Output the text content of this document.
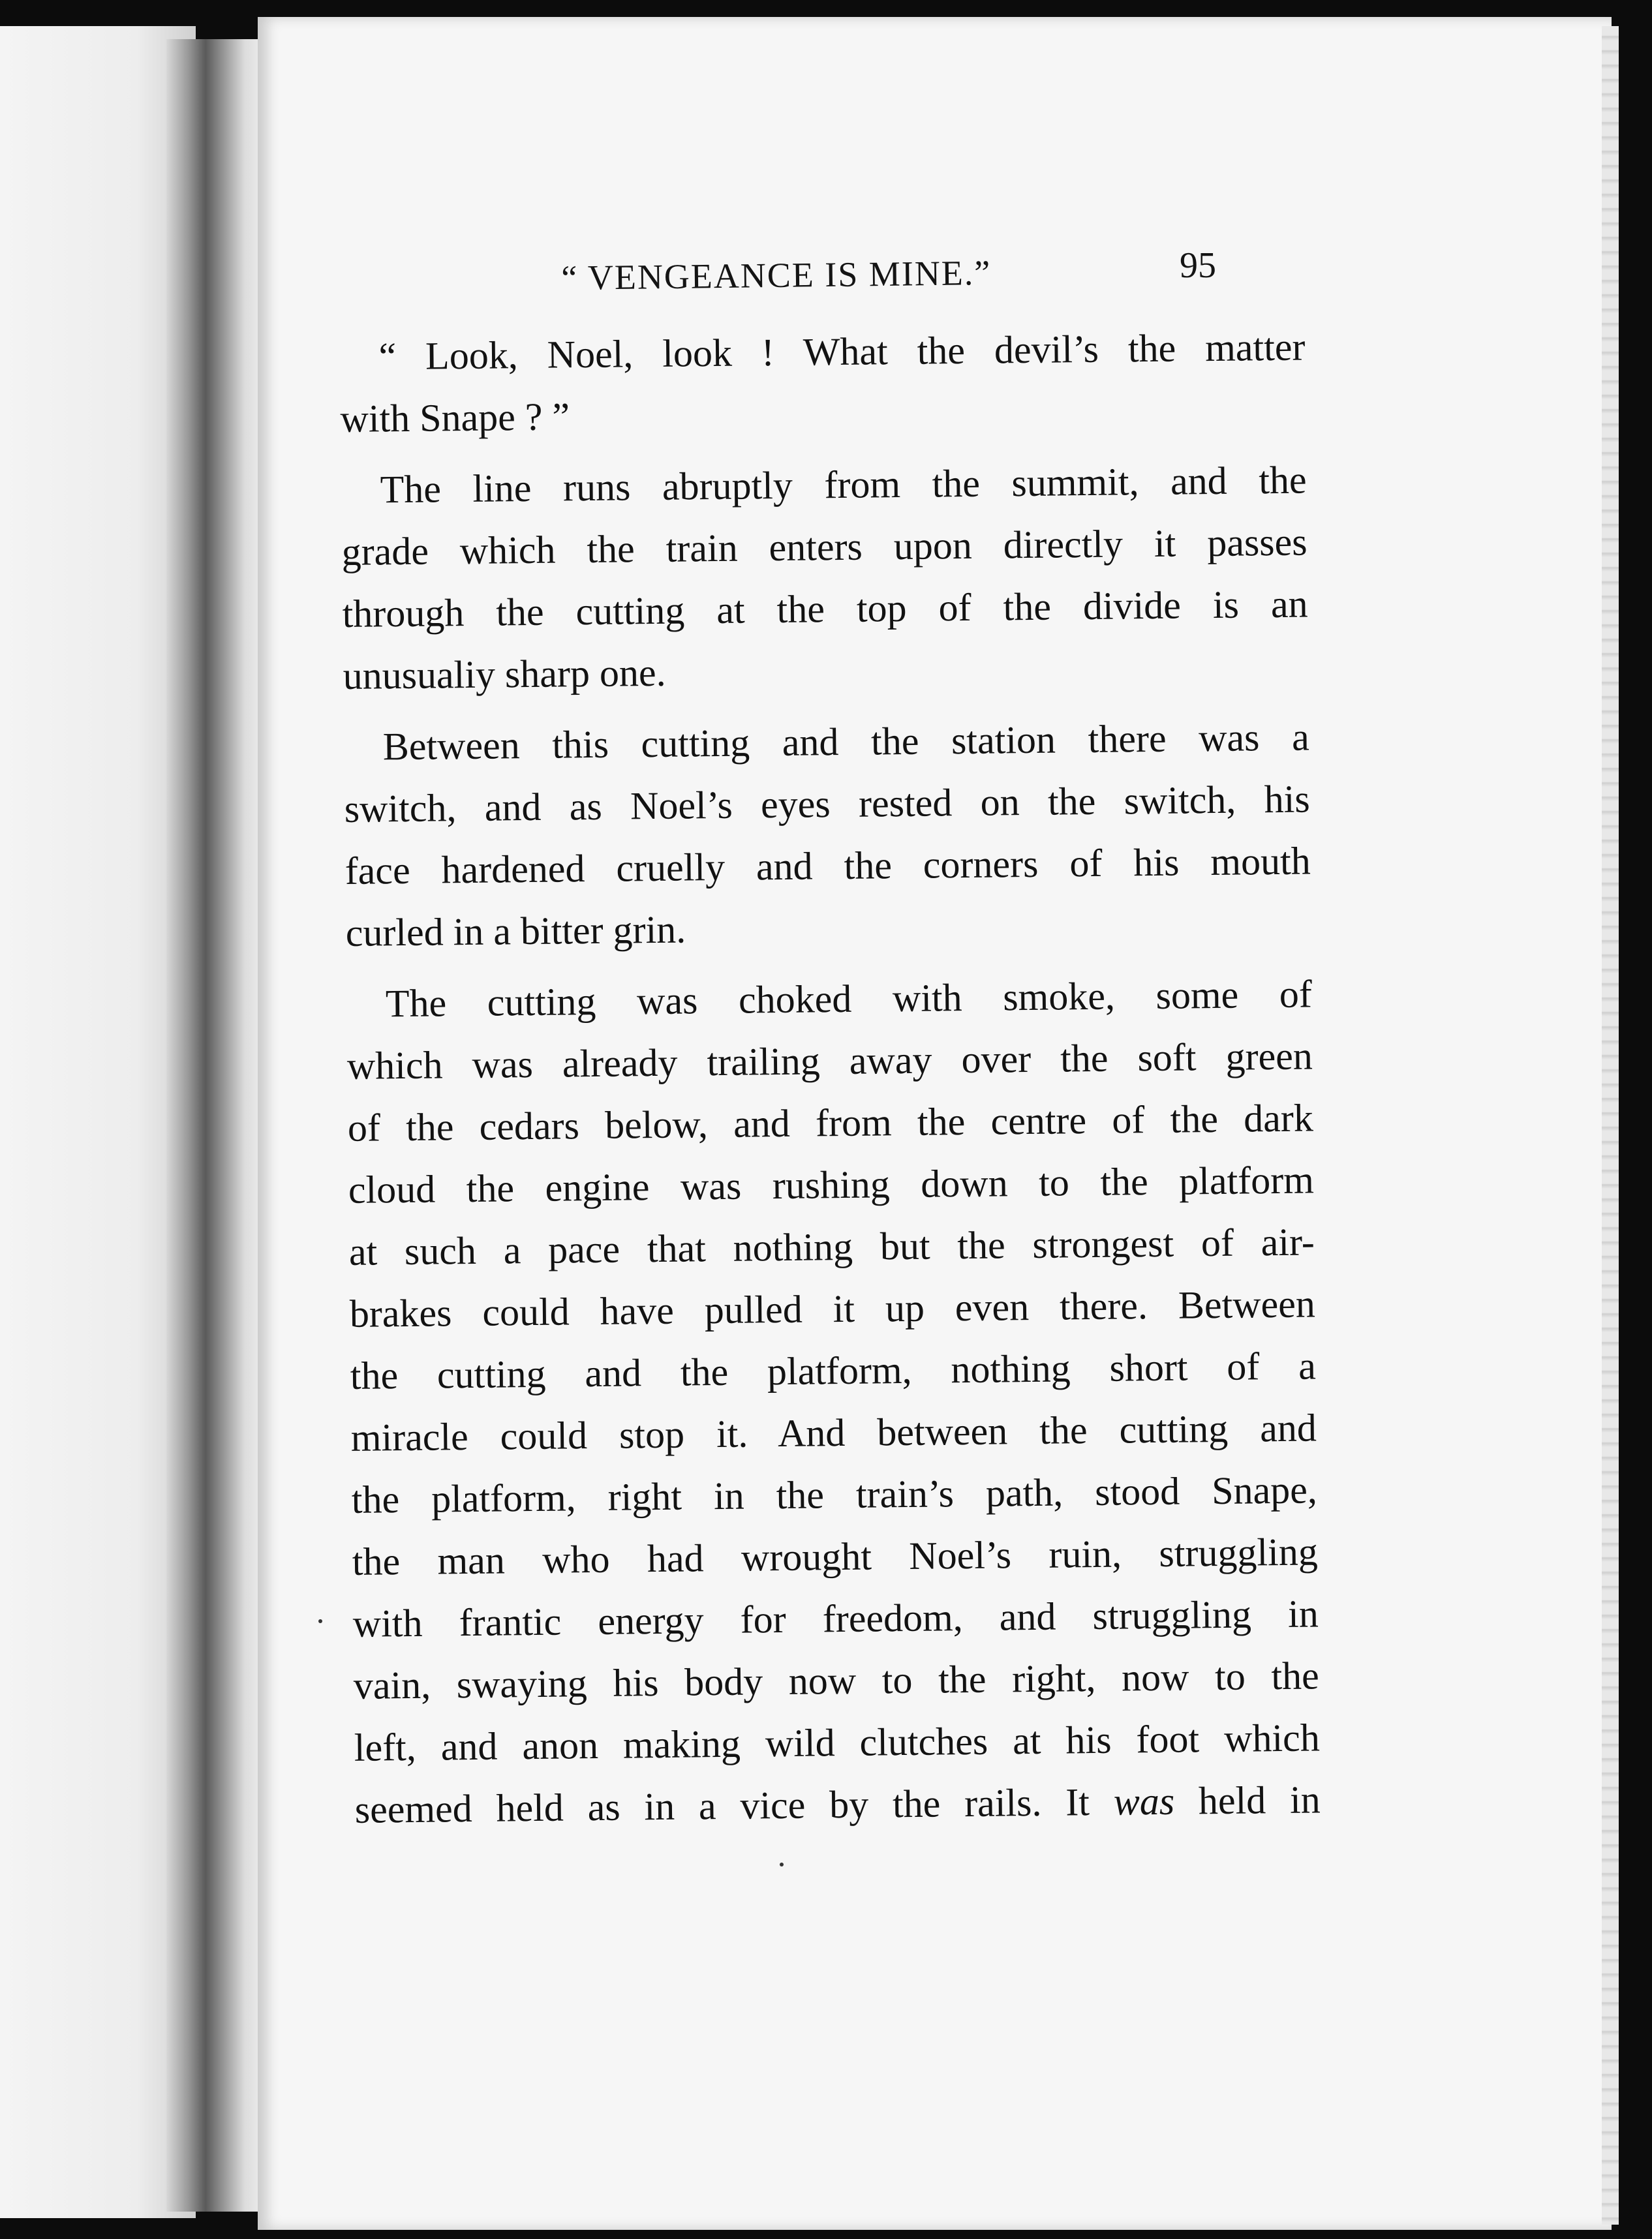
“ VENGEANCE IS MINE.”	95
“ Look, Noel, look ! What the devil’s the matter
with Snape ? ”
The line runs abruptly from the summit, and the
grade which the train enters upon directly it passes
through the cutting at the top of the divide is an
unusualiy sharp one.
Between this cutting and the station there was a
switch, and as Noel’s eyes rested on the switch, his
face hardened cruelly and the corners of his mouth
curled in a bitter grin.
The cutting was choked with smoke, some of
which was already trailing away over the soft green
of the cedars below, and from the centre of the dark
cloud the engine was rushing down to the platform
at such a pace that nothing but the strongest of air-
brakes could have pulled it up even there. Between
the cutting and the platform, nothing short of a
miracle could stop it. And between the cutting and
the platform, right in the train’s path, stood Snape,
the man who had wrought Noel’s ruin, struggling
with frantic energy for freedom, and struggling in
vain, swaying his body now to the right, now to the
left, and anon making wild clutches at his foot which
seemed held as in a vice by the rails. It was held in
